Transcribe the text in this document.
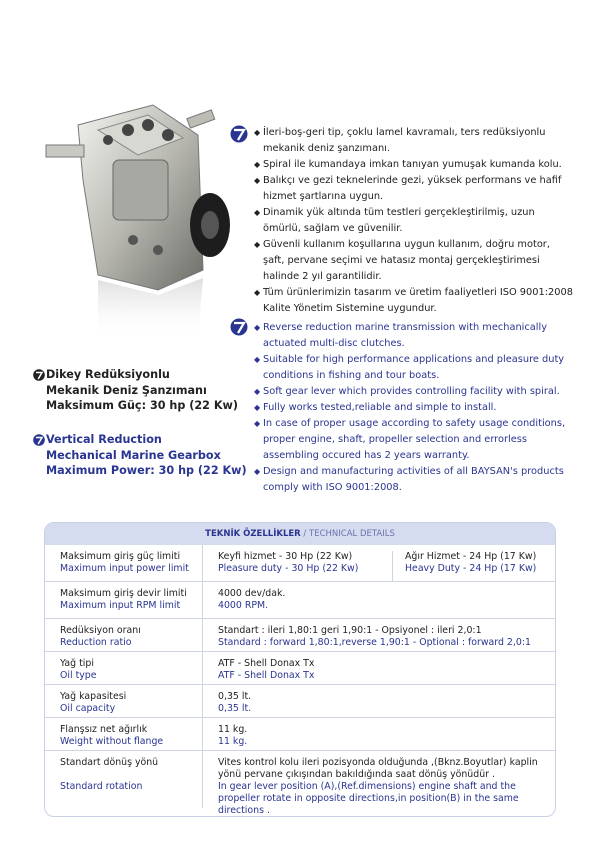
◆ İleri-boş-geri tip, çoklu lamel kavramalı, ters redüksiyonlu mekanik deniz şanzımanı.
◆ Spiral ile kumandaya imkan tanıyan yumuşak kumanda kolu.
◆ Balıkçı ve gezi teknelerinde gezi, yüksek performans ve hafif hizmet şartlarına uygun.
◆ Dinamik yük altında tüm testleri gerçekleştirilmiş, uzun ömürlü, sağlam ve güvenilir.
◆ Güvenli kullanım koşullarına uygun kullanım, doğru motor, şaft, pervane seçimi ve hatasız montaj gerçekleştirimesi halinde 2 yıl garantilidir.
◆ Tüm ürünlerimizin tasarım ve üretim faaliyetleri ISO 9001:2008 Kalite Yönetim Sistemine uygundur.
◆ Reverse reduction marine transmission with mechanically actuated multi-disc clutches.
◆ Suitable for high performance applications and pleasure duty conditions in fishing and tour boats.
◆ Soft gear lever which provides controlling facility with spiral.
◆ Fully works tested,reliable and simple to install.
◆ In case of proper usage according to safety usage conditions, proper engine, shaft, propeller selection and errorless assembling occured has 2 years warranty.
◆ Design and manufacturing activities of all BAYSAN's products comply with ISO 9001:2008.
Dikey Redüksiyonlu
Mekanik Deniz Şanzımanı
Maksimum Güç: 30 hp (22 Kw)
Vertical Reduction
Mechanical Marine Gearbox
Maximum Power: 30 hp (22 Kw)
TEKNİK ÖZELLİKLER / TECHNICAL DETAILS
Maksimum giriş güç limiti
Maximum input power limit
Keyfi hizmet - 30 Hp (22 Kw)
Pleasure duty - 30 Hp (22 Kw)
Ağır Hizmet - 24 Hp (17 Kw)
Heavy Duty - 24 Hp (17 Kw)
Maksimum giriş devir limiti
Maximum input RPM limit
4000 dev/dak.
4000 RPM.
Redüksiyon oranı
Reduction ratio
Standart : ileri 1,80:1 geri 1,90:1 - Opsiyonel : ileri 2,0:1
Standard : forward 1,80:1,reverse 1,90:1 - Optional : forward 2,0:1
Yağ tipi
Oil type
ATF - Shell Donax Tx
ATF - Shell Donax Tx
Yağ kapasitesi
Oil capacity
0,35 lt.
0,35 lt.
Flanşsız net ağırlık
Weight without flange
11 kg.
11 kg.
Standart dönüş yönü
Standard rotation
Vites kontrol kolu ileri pozisyonda olduğunda ,(Bknz.Boyutlar) kaplin yönü pervane çıkışından bakıldığında saat dönüş yönüdür .
In gear lever position (A),(Ref.dimensions) engine shaft and the propeller rotate in opposite directions,in position(B) in the same directions .
